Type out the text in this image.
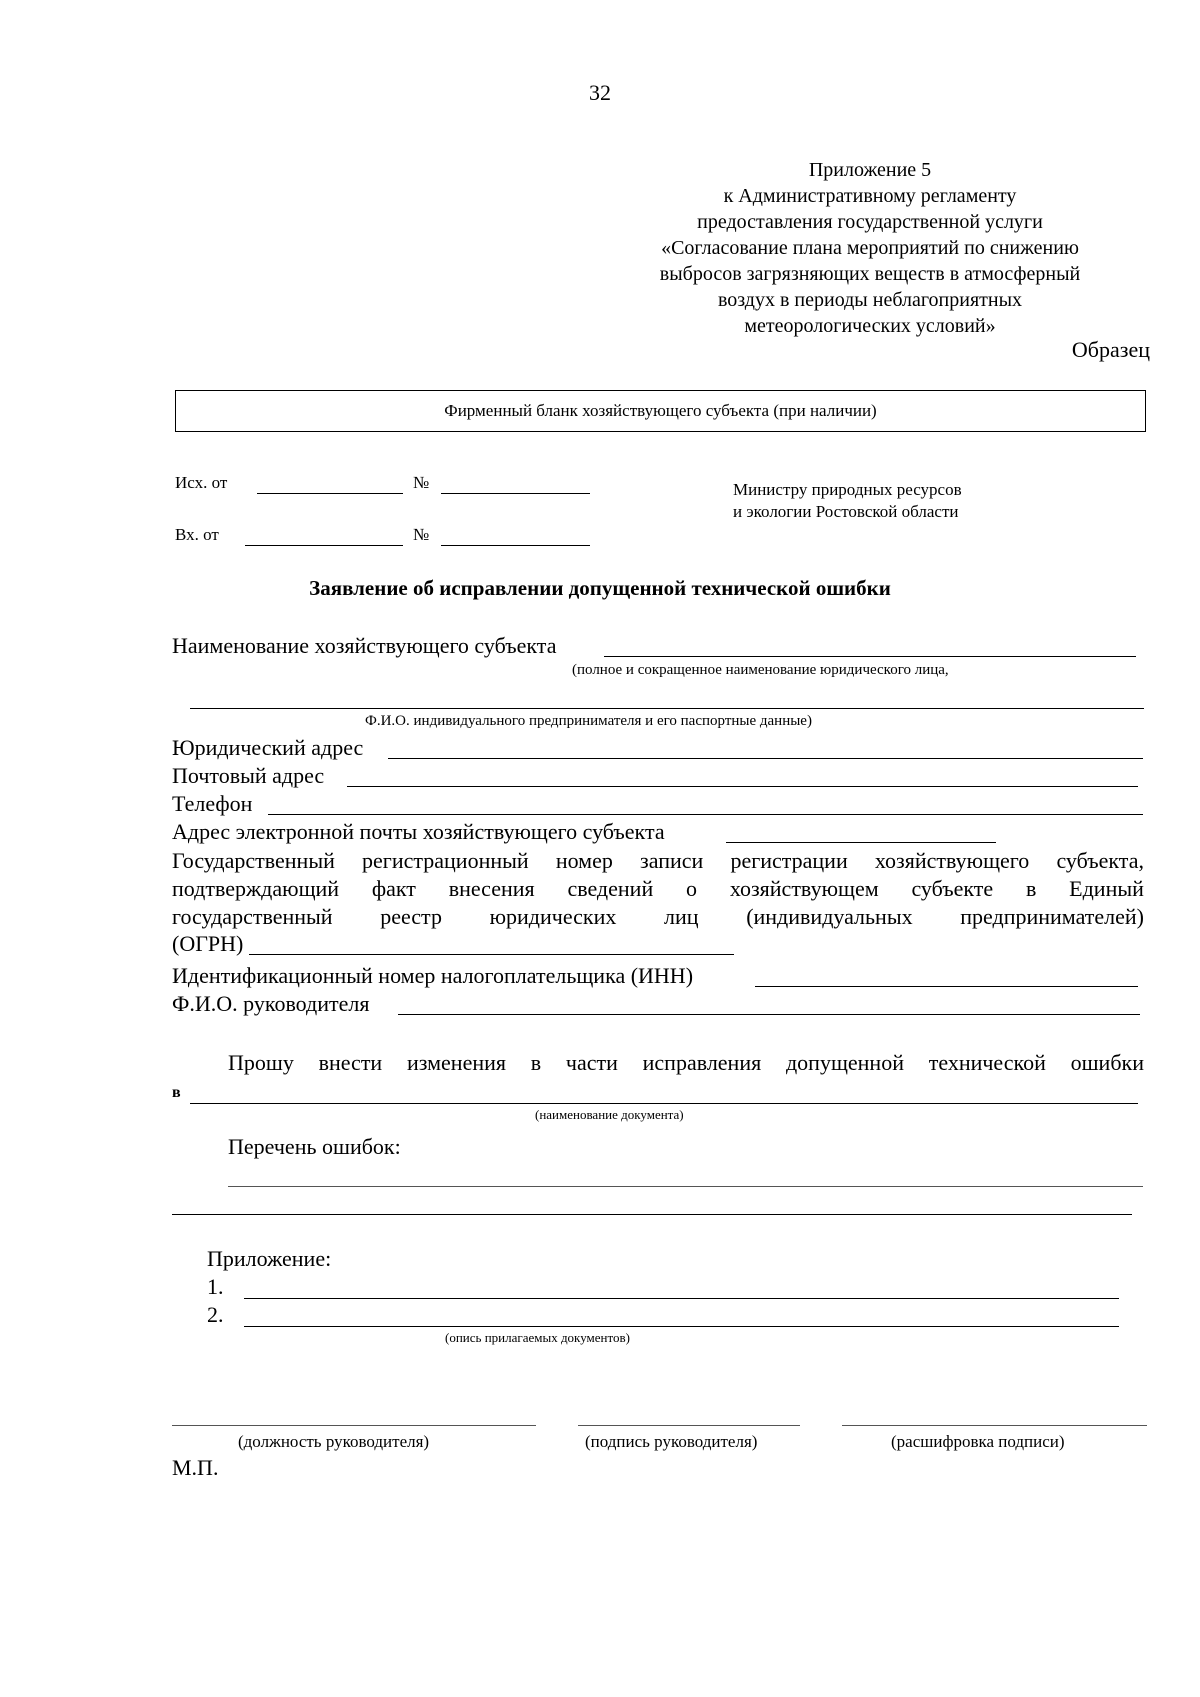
32
Приложение 5
к Административному регламенту
предоставления государственной услуги
«Согласование плана мероприятий по снижению
выбросов загрязняющих веществ в атмосферный
воздух в периоды неблагоприятных
метеорологических условий»
Образец
Фирменный бланк хозяйствующего субъекта (при наличии)
Исх. от	№
Вх. от	№
Министру природных ресурсов
и экологии Ростовской области
Заявление об исправлении допущенной технической ошибки
Наименование хозяйствующего субъекта
(полное и сокращенное наименование юридического лица,
Ф.И.О. индивидуального предпринимателя и его паспортные данные)
Юридический адрес
Почтовый адрес
Телефон
Адрес электронной почты хозяйствующего субъекта
Государственный регистрационный номер записи регистрации хозяйствующего субъекта,
подтверждающий факт внесения сведений о хозяйствующем субъекте в Единый
государственный реестр юридических лиц (индивидуальных предпринимателей)
(ОГРН)
Идентификационный номер налогоплательщика (ИНН)
Ф.И.О. руководителя
Прошу внести изменения в части исправления допущенной технической ошибки
в
(наименование документа)
Перечень ошибок:
Приложение:
1.
2.
(опись прилагаемых документов)
(должность руководителя)	(подпись руководителя)	(расшифровка подписи)
М.П.
